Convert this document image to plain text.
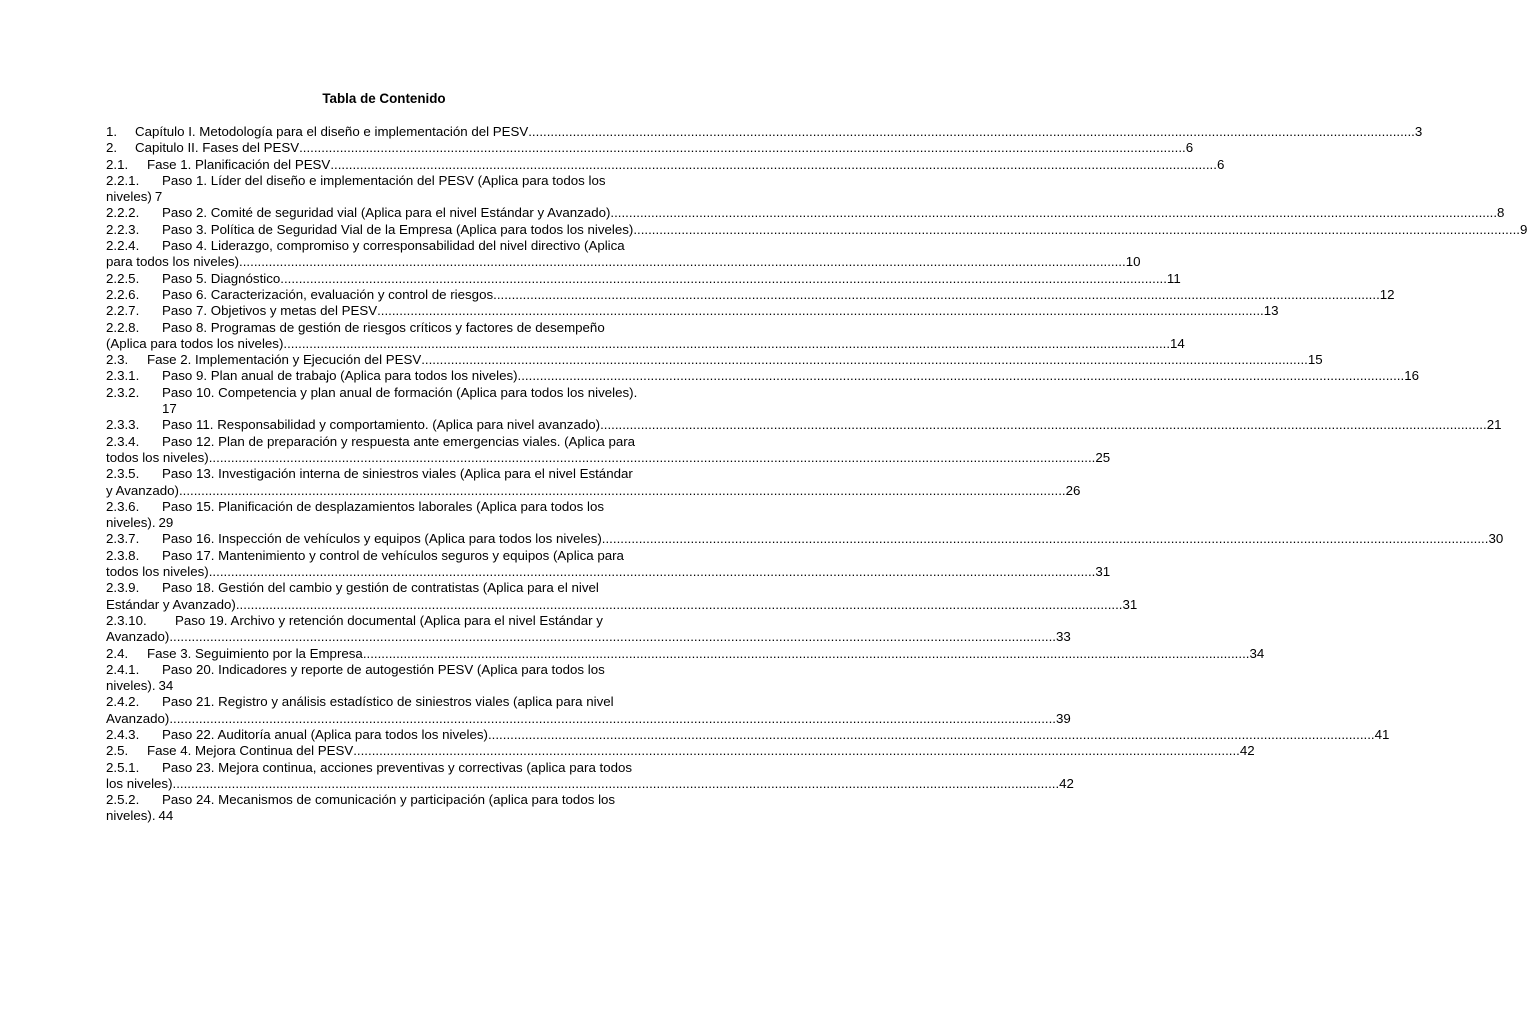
Tabla de Contenido
1.	Capítulo I. Metodología para el diseño e implementación del PESV .....	3
2.	Capitulo II. Fases del PESV .....	6
2.1.	Fase 1. Planificación del PESV .....	6
2.2.1.	Paso 1. Líder del diseño e implementación del PESV (Aplica para todos los
niveles) 7
2.2.2.	Paso 2. Comité de seguridad vial (Aplica para el nivel Estándar y Avanzado) .....	8
2.2.3.	Paso 3. Política de Seguridad Vial de la Empresa (Aplica para todos los niveles) .....	9
2.2.4.	Paso 4. Liderazgo, compromiso y corresponsabilidad del nivel directivo (Aplica
para todos los niveles) .....	10
2.2.5.	Paso 5. Diagnóstico .....	11
2.2.6.	Paso 6. Caracterización, evaluación y control de riesgos .....	12
2.2.7.	Paso 7. Objetivos y metas del PESV .....	13
2.2.8.	Paso 8. Programas de gestión de riesgos críticos y factores de desempeño
(Aplica para todos los niveles) .....	14
2.3.	Fase 2. Implementación y Ejecución del PESV .....	15
2.3.1.	Paso 9. Plan anual de trabajo (Aplica para todos los niveles) .....	16
2.3.2.	Paso 10. Competencia y plan anual de formación (Aplica para todos los niveles).
17
2.3.3.	Paso 11. Responsabilidad y comportamiento. (Aplica para nivel avanzado) .....	21
2.3.4.	Paso 12. Plan de preparación y respuesta ante emergencias viales. (Aplica para
todos los niveles) .....	25
2.3.5.	Paso 13. Investigación interna de siniestros viales (Aplica para el nivel Estándar
y Avanzado) .....	26
2.3.6.	Paso 15. Planificación de desplazamientos laborales (Aplica para todos los
niveles). 29
2.3.7.	Paso 16. Inspección de vehículos y equipos (Aplica para todos los niveles) .....	30
2.3.8.	Paso 17. Mantenimiento y control de vehículos seguros y equipos (Aplica para
todos los niveles) .....	31
2.3.9.	Paso 18. Gestión del cambio y gestión de contratistas (Aplica para el nivel
Estándar y Avanzado) .....	31
2.3.10.	Paso 19. Archivo y retención documental (Aplica para el nivel Estándar y
Avanzado) .....	33
2.4.	Fase 3. Seguimiento por la Empresa .....	34
2.4.1.	Paso 20. Indicadores y reporte de autogestión PESV (Aplica para todos los
niveles). 34
2.4.2.	Paso 21. Registro y análisis estadístico de siniestros viales (aplica para nivel
Avanzado) .....	39
2.4.3.	Paso 22. Auditoría anual (Aplica para todos los niveles) .....	41
2.5.	Fase 4. Mejora Continua del PESV .....	42
2.5.1.	Paso 23. Mejora continua, acciones preventivas y correctivas (aplica para todos
los niveles) .....	42
2.5.2.	Paso 24. Mecanismos de comunicación y participación (aplica para todos los
niveles). 44
